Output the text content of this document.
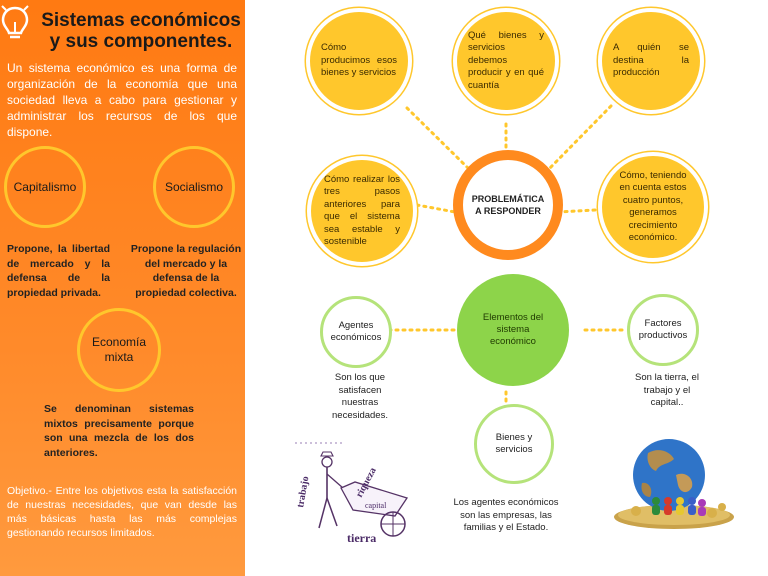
Sistemas económicos y sus componentes.
Un sistema económico es una forma de organización de la economía que una sociedad lleva a cabo para gestionar y administrar los recursos de los que dispone.
Capitalismo	Socialismo
Propone, la libertad de mercado y la defensa de la propiedad privada.
Propone la regulación del mercado y la defensa de la propiedad colectiva.
Economía mixta
Se denominan sistemas mixtos precisamente porque son una mezcla de los dos anteriores.
Objetivo.- Entre los objetivos esta la satisfacción de nuestras necesidades, que van desde las más básicas hasta las más complejas gestionando recursos limitados.
Cómo producimos esos bienes y servicios
Qué bienes y servicios debemos producir y en qué cuantía
A quién se destina la producción
Cómo realizar los tres pasos anteriores para que el sistema sea estable y sostenible
Cómo, teniendo en cuenta estos cuatro puntos, generamos crecimiento económico.
PROBLEMÁTICA A RESPONDER
Elementos del sistema económico
Agentes económicos
Factores productivos
Bienes y servicios
Son los que satisfacen nuestras necesidades.
Son la tierra, el trabajo y el capital..
Los agentes económicos son las empresas, las familias y el Estado.
trabajo
tierra
capital
riqueza
